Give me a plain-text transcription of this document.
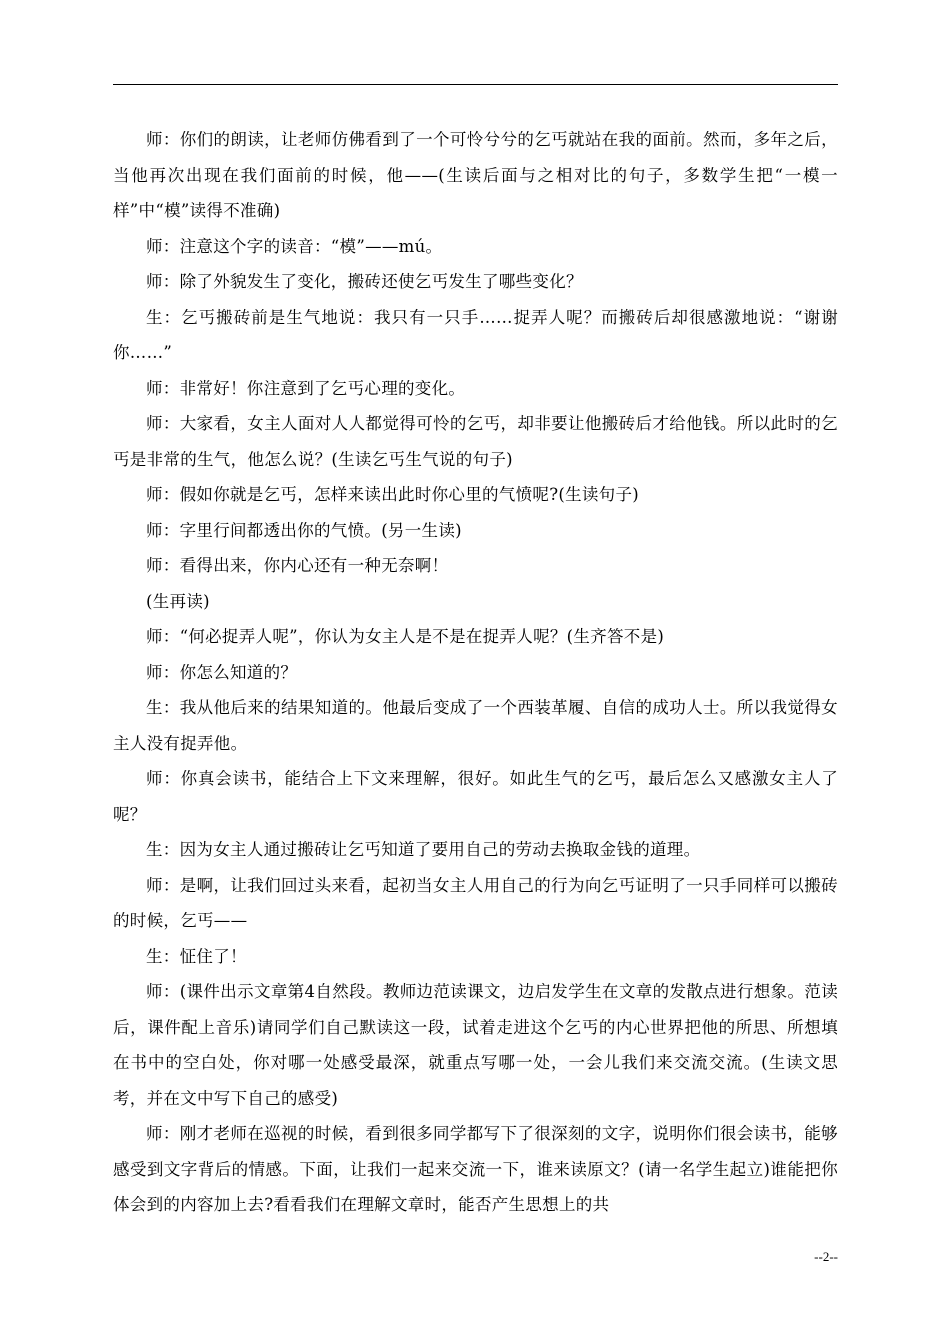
师：你们的朗读，让老师仿佛看到了一个可怜兮兮的乞丐就站在我的面前。然而，多年之后，当他再次出现在我们面前的时候，他——(生读后面与之相对比的句子，多数学生把“一模一样”中“模”读得不准确)

师：注意这个字的读音：“模”——mú。

师：除了外貌发生了变化，搬砖还使乞丐发生了哪些变化？

生：乞丐搬砖前是生气地说：我只有一只手……捉弄人呢？而搬砖后却很感激地说：“谢谢你……”

师：非常好！你注意到了乞丐心理的变化。

师：大家看，女主人面对人人都觉得可怜的乞丐，却非要让他搬砖后才给他钱。所以此时的乞丐是非常的生气，他怎么说？(生读乞丐生气说的句子)

师：假如你就是乞丐，怎样来读出此时你心里的气愤呢?(生读句子)

师：字里行间都透出你的气愤。(另一生读)

师：看得出来，你内心还有一种无奈啊！

(生再读)

师：“何必捉弄人呢”，你认为女主人是不是在捉弄人呢？(生齐答不是)

师：你怎么知道的？

生：我从他后来的结果知道的。他最后变成了一个西装革履、自信的成功人士。所以我觉得女主人没有捉弄他。

师：你真会读书，能结合上下文来理解，很好。如此生气的乞丐，最后怎么又感激女主人了呢？

生：因为女主人通过搬砖让乞丐知道了要用自己的劳动去换取金钱的道理。

师：是啊，让我们回过头来看，起初当女主人用自己的行为向乞丐证明了一只手同样可以搬砖的时候，乞丐——

生：怔住了！

师：(课件出示文章第4自然段。教师边范读课文，边启发学生在文章的发散点进行想象。范读后，课件配上音乐)请同学们自己默读这一段，试着走进这个乞丐的内心世界把他的所思、所想填在书中的空白处，你对哪一处感受最深，就重点写哪一处，一会儿我们来交流交流。(生读文思考，并在文中写下自己的感受)

师：刚才老师在巡视的时候，看到很多同学都写下了很深刻的文字，说明你们很会读书，能够感受到文字背后的情感。下面，让我们一起来交流一下，谁来读原文？(请一名学生起立)谁能把你体会到的内容加上去?看看我们在理解文章时，能否产生思想上的共

--2--
